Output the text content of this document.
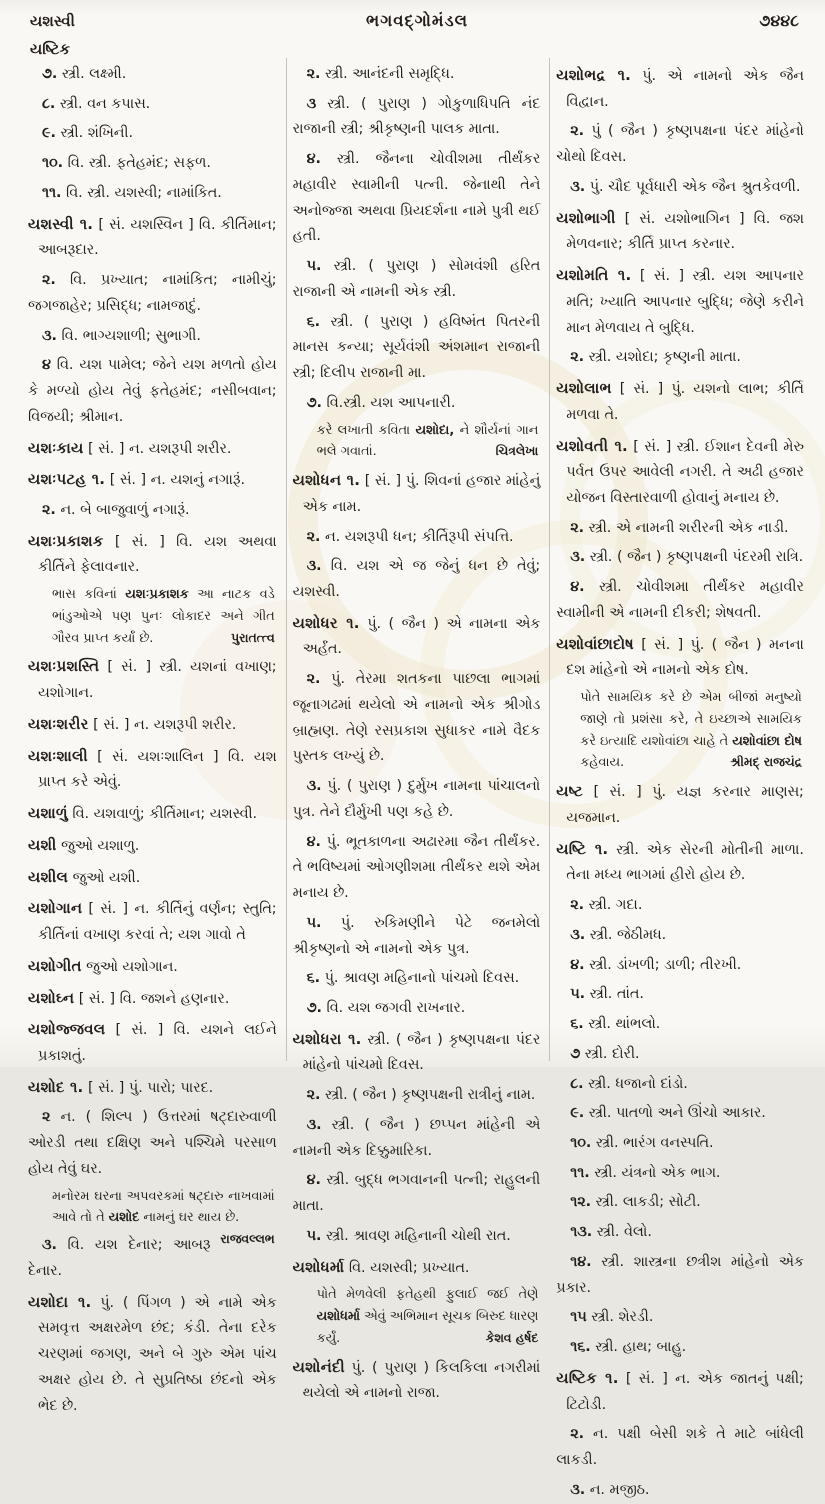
યશસ્વી
યષ્ટિક
ભગવદ્ગોમંડલ	૭૪૪૮

૭. સ્ત્રી. લક્ષ્મી.

૮. સ્ત્રી. વન કપાસ.

૯. સ્ત્રી. શંખિની.

૧૦. વિ. સ્ત્રી. ફતેહમંદ; સફળ.

૧૧. વિ. સ્ત્રી. યશસ્વી; નામાંકિત.

યશસ્વી ૧. [ સં. યશસ્વિન ] વિ. કીર્તિમાન; આબરૂદાર.

૨. વિ. પ્રખ્યાત; નામાંકિત; નામીચું; જગજાહેર; પ્રસિદ્ધ; નામજાદું.

૩. વિ. ભાગ્યશાળી; સુભાગી.

૪ વિ. યશ પામેલ; જેને યશ મળતો હોય કે મળ્યો હોય તેવું ફતેહમંદ; નસીબવાન; વિજયી; શ્રીમાન.

યશઃકાય [ સં. ] ન. યશરૂપી શરીર.

યશઃપટહ ૧. [ સં. ] ન. યશનું નગારૂં.

૨. ન. બે બાજુવાળું નગારૂં.

યશઃપ્રકાશક [ સં. ] વિ. યશ અથવા કીર્તિને ફેલાવનાર.

ભાસ કવિનાં યશઃપ્રકાશક આ નાટક વડે ભાંડુઓએ પણ પુનઃ લોકાદર અને ગીત ગૌરવ પ્રાપ્ત કર્યાં છે.	પુરાતત્ત્વ

યશઃપ્રશસ્તિ [ સં. ] સ્ત્રી. યશનાં વખાણ; યશોગાન.

યશઃશરીર [ સં. ] ન. યશરૂપી શરીર.

યશઃશાલી [ સં. યશઃશાલિન ] વિ. યશ પ્રાપ્ત કરે એવું.

યશાળું વિ. યશવાળું; કીર્તિમાન; યશસ્વી.

યશી જુઓ યશાળુ.

યશીલ જુઓ યશી.

યશોગાન [ સં. ] ન. કીર્તિનું વર્ણન; સ્તુતિ; કીર્તિનાં વખાણ કરવાં તે; યશ ગાવો તે

યશોગીત જુઓ યશોગાન.

યશોઘ્ન [ સં. ] વિ. જશને હણનાર.

યશોજ્જવલ [ સં. ] વિ. યશને લઈને પ્રકાશતું.

યશોદ ૧. [ સં. ] પું. પારો; પારદ.

૨ ન. ( શિલ્પ ) ઉત્તરમાં ષટ્દારુવાળી ઓરડી તથા દક્ષિણ અને પશ્ચિમે પરસાળ હોય તેવું ઘર.

મનોરમ ઘરના અપવરકમાં ષટ્દારુ નાખવામાં આવે તો તે યશોદ નામનું ઘર થાય છે.
રાજવલ્લભ

૩. વિ. યશ દેનાર; આબરૂ દેનાર.

યશોદા ૧. પું. ( પિંગળ ) એ નામે એક સમવૃત્ત અક્ષરમેળ છંદ; કંડી. તેના દરેક ચરણમાં જગણ, અને બે ગુરુ એમ પાંચ અક્ષર હોય છે. તે સુપ્રતિષ્ઠા છંદનો એક ભેદ છે.

૨. સ્ત્રી. આનંદની સમૃદ્ધિ.

૩ સ્ત્રી. ( પુરાણ ) ગોકુળાધિપતિ નંદ રાજાની સ્ત્રી; શ્રીકૃષ્ણની પાલક માતા.

૪. સ્ત્રી. જૈનના ચોવીશમા તીર્થંકર મહાવીર સ્વામીની પત્ની. જેનાથી તેને અનોજ્જા અથવા પ્રિયદર્શના નામે પુત્રી થઈ હતી.

૫. સ્ત્રી. ( પુરાણ ) સોમવંશી હરિત રાજાની એ નામની એક સ્ત્રી.

૬. સ્ત્રી. ( પુરાણ ) હવિષ્મંત પિતરની માનસ કન્યા; સૂર્યવંશી અંશમાન રાજાની સ્ત્રી; દિલીપ રાજાની મા.

૭. વિ.સ્ત્રી. યશ આપનારી.

કરે લખાતી કવિતા યશોદા, ને શૌર્યનાં ગાન ભલે ગવાતાં.	ચિત્રલેખા

યશોધન ૧. [ સં. ] પું. શિવનાં હજાર માંહેનું એક નામ.

૨. ન. યશરૂપી ધન; કીર્તિરૂપી સંપત્તિ.

૩. વિ. યશ એ જ જેનું ધન છે તેવું; યશસ્વી.

યશોધર ૧. પું. ( જૈન ) એ નામના એક અર્હંત.

૨. પું. તેરમા શતકના પાછલા ભાગમાં જૂનાગઢમાં થયેલો એ નામનો એક શ્રીગોડ બ્રાહ્મણ. તેણે રસપ્રકાશ સુધાકર નામે વૈદક પુસ્તક લખ્યું છે.

૩. પું. ( પુરાણ ) દુર્મુખ નામના પાંચાલનો પુત્ર. તેને દૌર્મુખી પણ કહે છે.

૪. પું. ભૂતકાળના અઢારમા જૈન તીર્થંકર. તે ભવિષ્યમાં ઓગણીશમા તીર્થંકર થશે એમ મનાય છે.

૫. પું. રુકિમણીને પેટે જનમેલો શ્રીકૃષ્ણનો એ નામનો એક પુત્ર.

૬. પું. શ્રાવણ મહિનાનો પાંચમો દિવસ.

૭. વિ. યશ જગવી રાખનાર.

યશોધરા ૧. સ્ત્રી. ( જૈન ) કૃષ્ણપક્ષના પંદર માંહેનો પાંચમો દિવસ.

૨. સ્ત્રી. ( જૈન ) કૃષ્ણપક્ષની રાત્રીનું નામ.

૩. સ્ત્રી. ( જૈન ) છપ્પન માંહેની એ નામની એક દિક્કુમારિકા.

૪. સ્ત્રી. બુદ્ધ ભગવાનની પત્ની; રાહુલની માતા.

૫. સ્ત્રી. શ્રાવણ મહિનાની ચોથી રાત.

યશોધર્મા વિ. યશસ્વી; પ્રખ્યાત.

પોતે મેળવેલી ફતેહથી ફુલાઈ જઈ તેણે યશોધર્મા એવું અભિમાન સૂચક બિરુદ ધારણ કર્યું.	કેશવ હર્ષદ

યશોનંદી પું. ( પુરાણ ) કિલકિલા નગરીમાં થયેલો એ નામનો રાજા.

યશોભદ્ર ૧. પું. એ નામનો એક જૈન વિદ્વાન.

૨. પું ( જૈન ) કૃષ્ણપક્ષના પંદર માંહેનો ચોથો દિવસ.

૩. પું. ચૌદ પૂર્વધારી એક જૈન શ્રુતકેવળી.

યશોભાગી [ સં. યશોભાગિન ] વિ. જશ મેળવનાર; કીર્તિ પ્રાપ્ત કરનાર.

યશોમતિ ૧. [ સં. ] સ્ત્રી. યશ આપનાર મતિ; ખ્યાતિ આપનાર બુદ્ધિ; જેણે કરીને માન મેળવાય તે બુદ્ધિ.

૨. સ્ત્રી. યશોદા; કૃષ્ણની માતા.

યશોલાભ [ સં. ] પું. યશનો લાભ; કીર્તિ મળવા તે.

યશોવતી ૧. [ સં. ] સ્ત્રી. ઈશાન દેવની મેરુ પર્વત ઉપર આવેલી નગરી. તે અઢી હજાર યોજન વિસ્તારવાળી હોવાનું મનાય છે.

૨. સ્ત્રી. એ નામની શરીરની એક નાડી.

૩. સ્ત્રી. ( જૈન ) કૃષ્ણપક્ષની પંદરમી રાત્રિ.

૪. સ્ત્રી. ચોવીશમા તીર્થંકર મહાવીર સ્વામીની એ નામની દીકરી; શેષવતી.

યશોવાંછાદોષ [ સં. ] પું. ( જૈન ) મનના દશ માંહેનો એ નામનો એક દોષ.

પોતે સામયિક કરે છે એમ બીજાં મનુષ્યો જાણે તો પ્રશંસા કરે, તે ઇચ્છાએ સામયિક કરે ઇત્યાદિ યશોવાંછા ચાહે તે યશોવાંછા દોષ કહેવાય.	શ્રીમદ્ રાજચંદ્ર

યષ્ટ [ સં. ] પું. યજ્ઞ કરનાર માણસ; યજમાન.

યષ્ટિ ૧. સ્ત્રી. એક સેરની મોતીની માળા. તેના મધ્ય ભાગમાં હીરો હોય છે.

૨. સ્ત્રી. ગદા.

૩. સ્ત્રી. જેઠીમધ.

૪. સ્ત્રી. ડાંખળી; ડાળી; તીરખી.

૫. સ્ત્રી. તાંત.

૬. સ્ત્રી. થાંભલો.

૭ સ્ત્રી. દોરી.

૮. સ્ત્રી. ધજાનો દાંડો.

૯. સ્ત્રી. પાતળો અને ઊંચો આકાર.

૧૦. સ્ત્રી. ભારંગ વનસ્પતિ.

૧૧. સ્ત્રી. યંત્રનો એક ભાગ.

૧૨. સ્ત્રી. લાકડી; સોટી.

૧૩. સ્ત્રી. વેલો.

૧૪. સ્ત્રી. શાસ્ત્રના છત્રીશ માંહેનો એક પ્રકાર.

૧૫ સ્ત્રી. શેરડી.

૧૬. સ્ત્રી. હાથ; બાહુ.

યષ્ટિક ૧. [ સં. ] ન. એક જાતનું પક્ષી; ટિટોડી.

૨. ન. પક્ષી બેસી શકે તે માટે બાંધેલી લાકડી.

૩. ન. મજીઠ.
